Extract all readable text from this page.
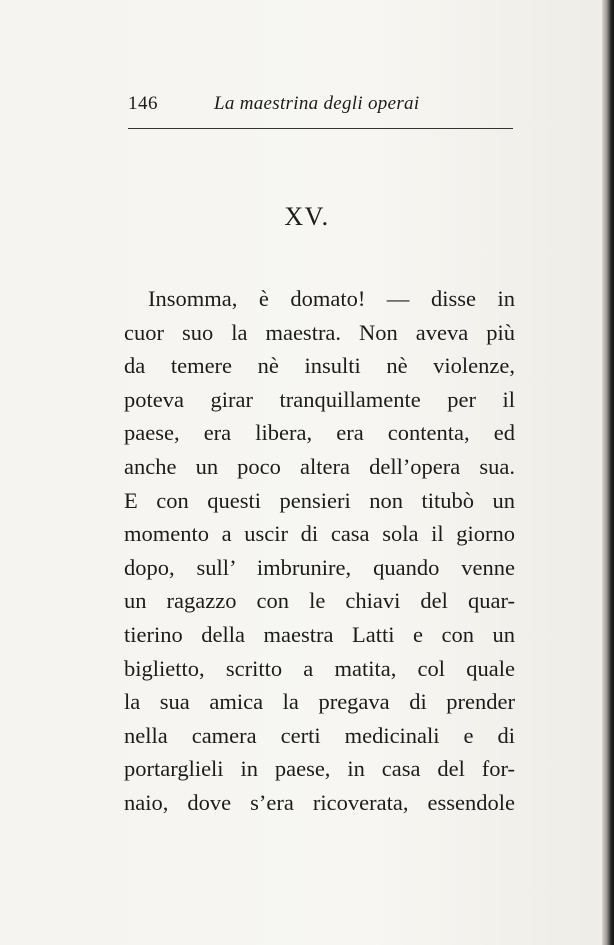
146	La maestrina degli operai
XV.
Insomma, è domato! — disse in
cuor suo la maestra. Non aveva più
da temere nè insulti nè violenze,
poteva girar tranquillamente per il
paese, era libera, era contenta, ed
anche un poco altera dell’opera sua.
E con questi pensieri non titubò un
momento a uscir di casa sola il giorno
dopo, sull’ imbrunire, quando venne
un ragazzo con le chiavi del quar-
tierino della maestra Latti e con un
biglietto, scritto a matita, col quale
la sua amica la pregava di prender
nella camera certi medicinali e di
portarglieli in paese, in casa del for-
naio, dove s’era ricoverata, essendole
